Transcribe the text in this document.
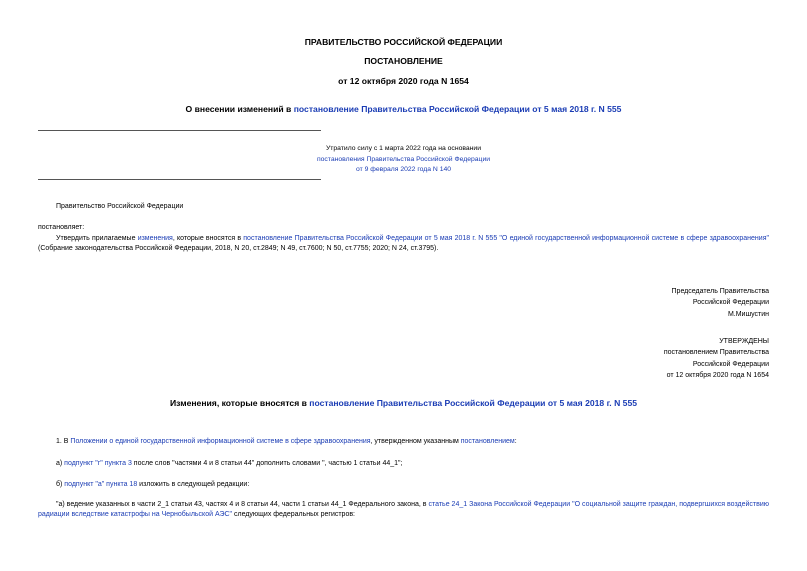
ПРАВИТЕЛЬСТВО РОССИЙСКОЙ ФЕДЕРАЦИИ
ПОСТАНОВЛЕНИЕ
от 12 октября 2020 года N 1654
О внесении изменений в постановление Правительства Российской Федерации от 5 мая 2018 г. N 555
Утратило силу с 1 марта 2022 года на основании
постановления Правительства Российской Федерации
от 9 февраля 2022 года N 140
Правительство Российской Федерации
постановляет:
Утвердить прилагаемые изменения, которые вносятся в постановление Правительства Российской Федерации от 5 мая 2018 г. N 555 "О единой государственной информационной системе в сфере здравоохранения" (Собрание законодательства Российской Федерации, 2018, N 20, ст.2849; N 49, ст.7600; N 50, ст.7755; 2020; N 24, ст.3795).
Председатель Правительства
Российской Федерации
М.Мишустин
УТВЕРЖДЕНЫ
постановлением Правительства
Российской Федерации
от 12 октября 2020 года N 1654
Изменения, которые вносятся в постановление Правительства Российской Федерации от 5 мая 2018 г. N 555
1. В Положении о единой государственной информационной системе в сфере здравоохранения, утвержденном указанным постановлением:
а) подпункт "г" пункта 3 после слов "частями 4 и 8 статьи 44" дополнить словами ", частью 1 статьи 44_1";
б) подпункт "а" пункта 18 изложить в следующей редакции:
"а) ведение указанных в части 2_1 статьи 43, частях 4 и 8 статьи 44, части 1 статьи 44_1 Федерального закона, в статье 24_1 Закона Российской Федерации "О социальной защите граждан, подвергшихся воздействию радиации вследствие катастрофы на Чернобыльской АЭС" следующих федеральных регистров:
